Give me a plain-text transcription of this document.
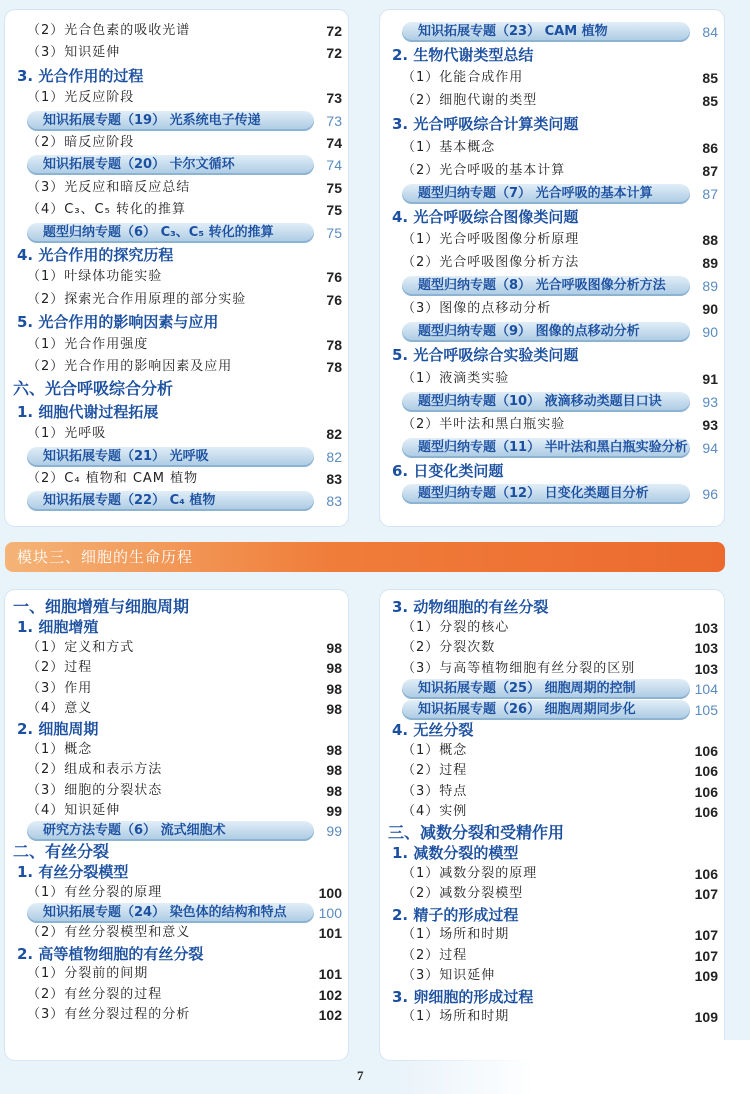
（2）光合色素的吸收光谱	72
（3）知识延伸	72
3. 光合作用的过程
（1）光反应阶段	73
知识拓展专题（19） 光系统电子传递	73
（2）暗反应阶段	74
知识拓展专题（20） 卡尔文循环	74
（3）光反应和暗反应总结	75
（4）C₃、C₅ 转化的推算	75
题型归纳专题（6） C₃、C₅ 转化的推算	75
4. 光合作用的探究历程
（1）叶绿体功能实验	76
（2）探索光合作用原理的部分实验	76
5. 光合作用的影响因素与应用
（1）光合作用强度	78
（2）光合作用的影响因素及应用	78
六、光合呼吸综合分析
1. 细胞代谢过程拓展
（1）光呼吸	82
知识拓展专题（21） 光呼吸	82
（2）C₄ 植物和 CAM 植物	83
知识拓展专题（22） C₄ 植物	83
知识拓展专题（23） CAM 植物	84
2. 生物代谢类型总结
（1）化能合成作用	85
（2）细胞代谢的类型	85
3. 光合呼吸综合计算类问题
（1）基本概念	86
（2）光合呼吸的基本计算	87
题型归纳专题（7） 光合呼吸的基本计算	87
4. 光合呼吸综合图像类问题
（1）光合呼吸图像分析原理	88
（2）光合呼吸图像分析方法	89
题型归纳专题（8） 光合呼吸图像分析方法	89
（3）图像的点移动分析	90
题型归纳专题（9） 图像的点移动分析	90
5. 光合呼吸综合实验类问题
（1）液滴类实验	91
题型归纳专题（10） 液滴移动类题目口诀	93
（2）半叶法和黑白瓶实验	93
题型归纳专题（11） 半叶法和黑白瓶实验分析 94
6. 日变化类问题
题型归纳专题（12） 日变化类题目分析	96
模块三、细胞的生命历程
一、细胞增殖与细胞周期
1. 细胞增殖
（1）定义和方式	98
（2）过程	98
（3）作用	98
（4）意义	98
2. 细胞周期
（1）概念	98
（2）组成和表示方法	98
（3）细胞的分裂状态	98
（4）知识延伸	99
研究方法专题（6） 流式细胞术	99
二、有丝分裂
1. 有丝分裂模型
（1）有丝分裂的原理	100
知识拓展专题（24） 染色体的结构和特点 100
（2）有丝分裂模型和意义	101
2. 高等植物细胞的有丝分裂
（1）分裂前的间期	101
（2）有丝分裂的过程	102
（3）有丝分裂过程的分析	102
3. 动物细胞的有丝分裂
（1）分裂的核心	103
（2）分裂次数	103
（3）与高等植物细胞有丝分裂的区别	103
知识拓展专题（25） 细胞周期的控制	104
知识拓展专题（26） 细胞周期同步化	105
4. 无丝分裂
（1）概念	106
（2）过程	106
（3）特点	106
（4）实例	106
三、减数分裂和受精作用
1. 减数分裂的模型
（1）减数分裂的原理	106
（2）减数分裂模型	107
2. 精子的形成过程
（1）场所和时期	107
（2）过程	107
（3）知识延伸	109
3. 卵细胞的形成过程
（1）场所和时期	109
7
